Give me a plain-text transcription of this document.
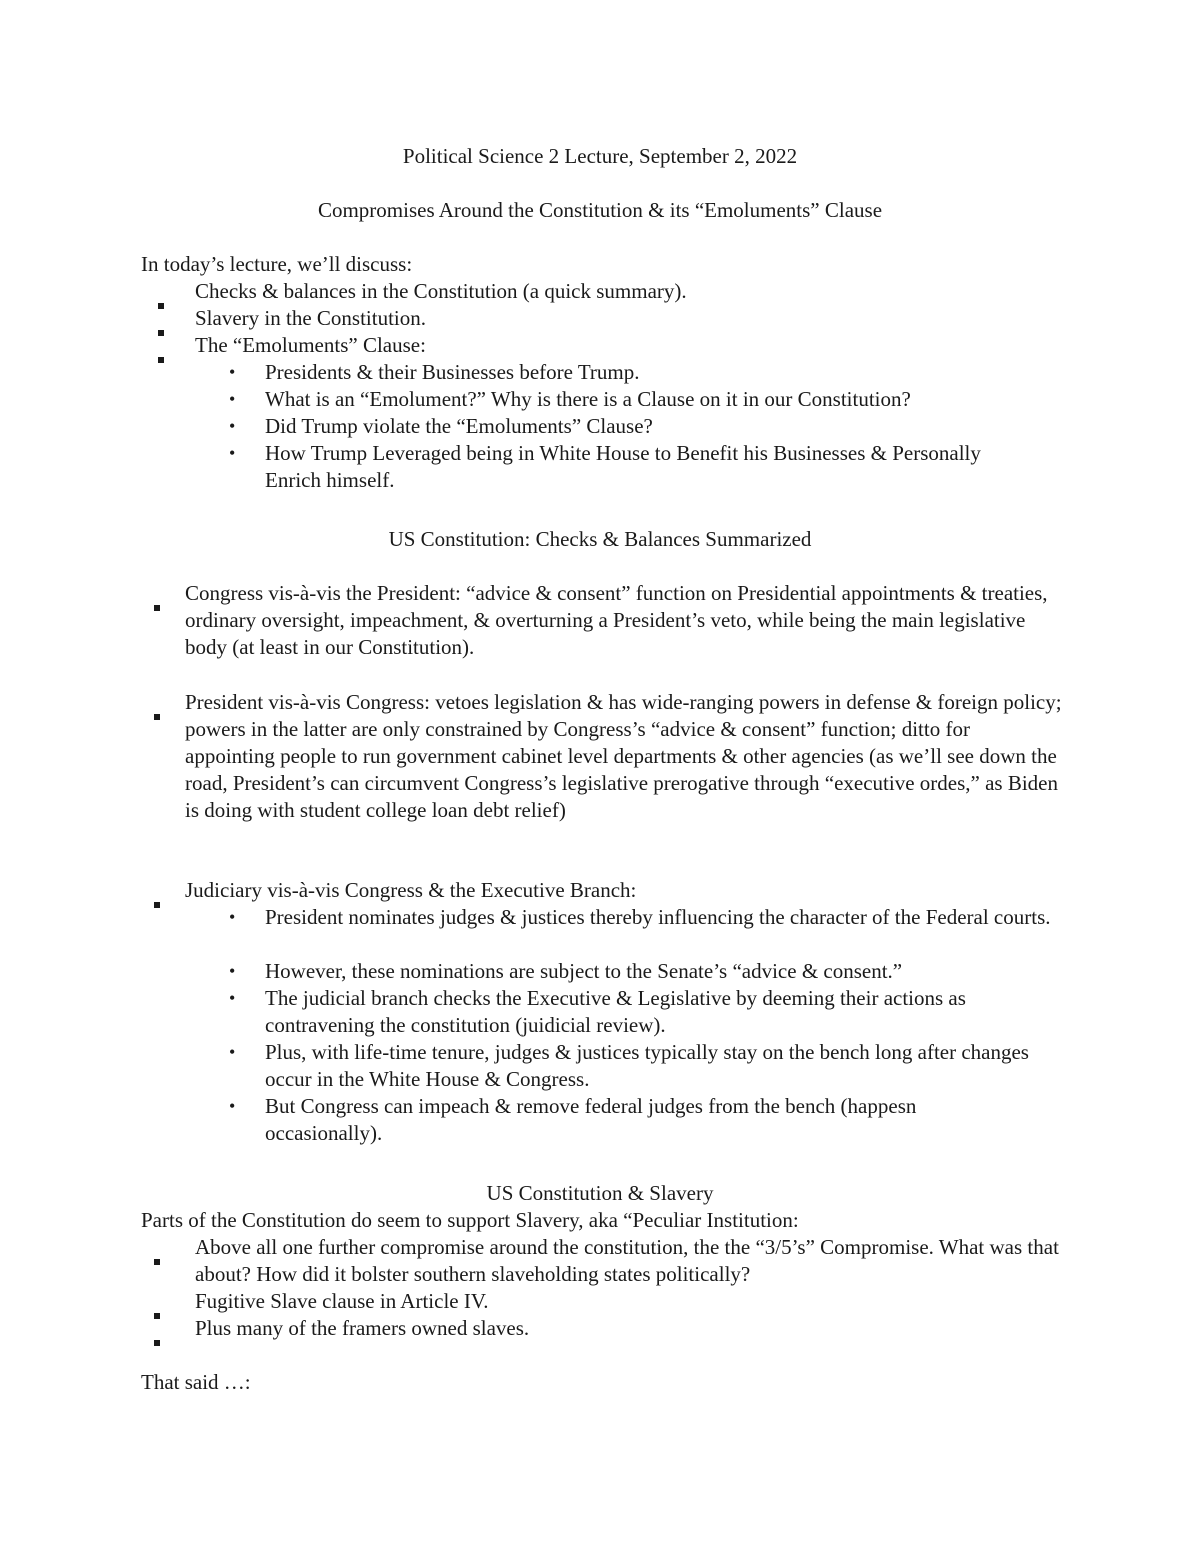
Political Science 2 Lecture, September 2, 2022
Compromises Around the Constitution & its “Emoluments” Clause
In today’s lecture, we’ll discuss:
Checks & balances in the Constitution (a quick summary).
Slavery in the Constitution.
The “Emoluments” Clause:
• Presidents & their Businesses before Trump.
• What is an “Emolument?” Why is there is a Clause on it in our Constitution?
• Did Trump violate the “Emoluments” Clause?
• How Trump Leveraged being in White House to Benefit his Businesses & Personally Enrich himself.
US Constitution: Checks & Balances Summarized
Congress vis-à-vis the President: “advice & consent” function on Presidential appointments & treaties, ordinary oversight, impeachment, & overturning a President’s veto, while being the main legislative body (at least in our Constitution).
President vis-à-vis Congress: vetoes legislation & has wide-ranging powers in defense & foreign policy; powers in the latter are only constrained by Congress’s “advice & consent” function; ditto for appointing people to run government cabinet level departments & other agencies (as we’ll see down the road, President’s can circumvent Congress’s legislative prerogative through “executive ordes,” as Biden is doing with student college loan debt relief)
Judiciary vis-à-vis Congress & the Executive Branch:
• President nominates judges & justices thereby influencing the character of the Federal courts.
• However, these nominations are subject to the Senate’s “advice & consent.”
• The judicial branch checks the Executive & Legislative by deeming their actions as contravening the constitution (juidicial review).
• Plus, with life-time tenure, judges & justices typically stay on the bench long after changes occur in the White House & Congress.
• But Congress can impeach & remove federal judges from the bench (happesn occasionally).
US Constitution & Slavery
Parts of the Constitution do seem to support Slavery, aka “Peculiar Institution:
Above all one further compromise around the constitution, the the “3/5’s” Compromise. What was that about? How did it bolster southern slaveholding states politically?
Fugitive Slave clause in Article IV.
Plus many of the framers owned slaves.
That said …:
